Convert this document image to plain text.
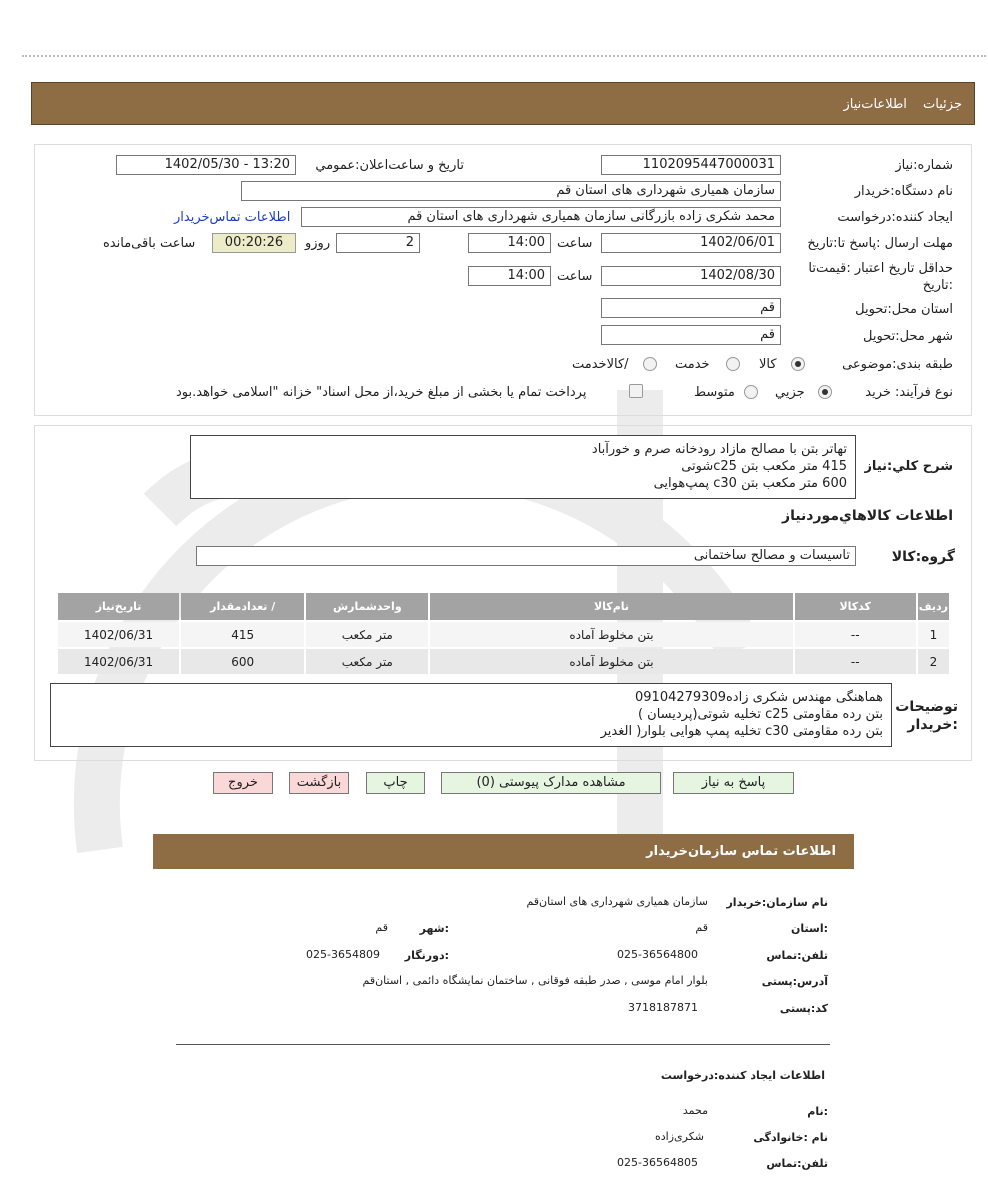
جزئیات اطلاعات‌نیاز
شماره:نیاز
1102095447000031
تاریخ و ساعت‌اعلان:عمومي
1402/05/30 - 13:20
نام دستگاه:خریدار
سازمان همیاری شهرداری های استان قم
ایجاد کننده:درخواست
محمد شکری زاده بازرگانی سازمان همیاری شهرداری های استان قم
اطلاعات تماس‌خریدار
مهلت ارسال :پاسخ تا:تاریخ
1402/06/01
ساعت
14:00
2
روزو
00:20:26
ساعت باقی‌مانده
حداقل تاریخ اعتبار :قیمت‌تا
:تاریخ
1402/08/30
ساعت
14:00
استان محل:تحویل
قم
شهر محل:تحویل
قم
طبقه بندی:موضوعی
کالا
خدمت
/کالاخدمت
نوع فرآیند: خرید
جزیي
متوسط
پرداخت تمام یا بخشی از مبلغ خرید،از محل اسناد" خزانه "اسلامی خواهد.بود
شرح کلي:نیاز
تهاتر بتن با مصالح مازاد رودخانه صرم و خورآباد
415 متر مکعب بتن c25شوتی
600 متر مکعب بتن c30 پمپ‌هوایی
اطلاعات کالاهاي‌موردنیاز
گروه:کالا
تاسیسات و مصالح ساختمانی
ردیف	کدکالا	نام‌کالا	واحدشمارش	/ تعدادمقدار	تاریخ‌نیاز
1	--	بتن مخلوط آماده	متر مکعب	415	1402/06/31
2	--	بتن مخلوط آماده	متر مکعب	600	1402/06/31
توضیحات
:خریدار
هماهنگی مهندس شکری زاده09104279309
بتن رده مقاومتی c25 تخلیه شوتی(پردیسان )
بتن رده مقاومتی c30 تخلیه پمپ هوایی بلوار( الغدیر
پاسخ به نیاز
مشاهده مدارک پیوستی (0)
چاپ
بازگشت
خروج
اطلاعات تماس سازمان‌خریدار
نام سازمان:خریدار
سازمان همیاری شهرداری های استان‌قم
:استان
قم
:شهر
قم
تلفن:تماس
025-36564800
:دورنگار
025-3654809
آدرس:پستی
بلوار امام موسی , صدر طبقه فوقانی , ساختمان نمایشگاه دائمی , استان‌قم
کد:پستی
3718187871
اطلاعات ایجاد کننده:درخواست
:نام
محمد
نام :خانوادگی
شکری‌زاده
تلفن:تماس
025-36564805
